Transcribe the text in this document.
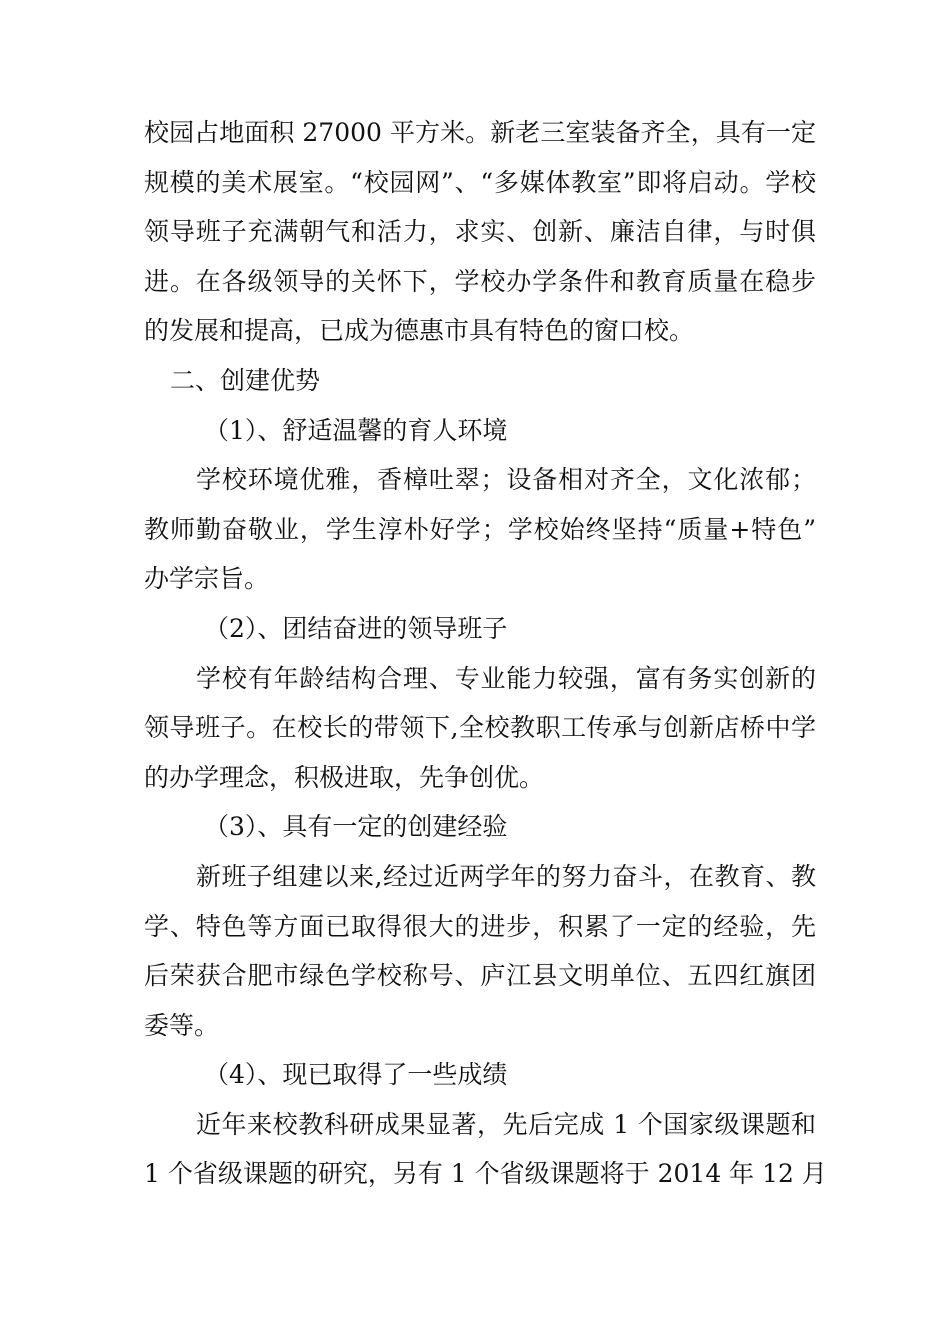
校园占地面积 27000 平方米。新老三室装备齐全，具有一定
规模的美术展室。“校园网”、“多媒体教室”即将启动。学校
领导班子充满朝气和活力，求实、创新、廉洁自律，与时俱
进。在各级领导的关怀下，学校办学条件和教育质量在稳步
的发展和提高，已成为德惠市具有特色的窗口校。
二、创建优势
（1）、舒适温馨的育人环境
学校环境优雅，香樟吐翠；设备相对齐全，文化浓郁；
教师勤奋敬业，学生淳朴好学；学校始终坚持“质量+特色”
办学宗旨。
（2）、团结奋进的领导班子
学校有年龄结构合理、专业能力较强，富有务实创新的
领导班子。在校长的带领下,全校教职工传承与创新店桥中学
的办学理念，积极进取，先争创优。
（3）、具有一定的创建经验
新班子组建以来,经过近两学年的努力奋斗，在教育、教
学、特色等方面已取得很大的进步，积累了一定的经验，先
后荣获合肥市绿色学校称号、庐江县文明单位、五四红旗团
委等。
（4）、现已取得了一些成绩
近年来校教科研成果显著，先后完成 1 个国家级课题和
1 个省级课题的研究，另有 1 个省级课题将于 2014 年 12 月
